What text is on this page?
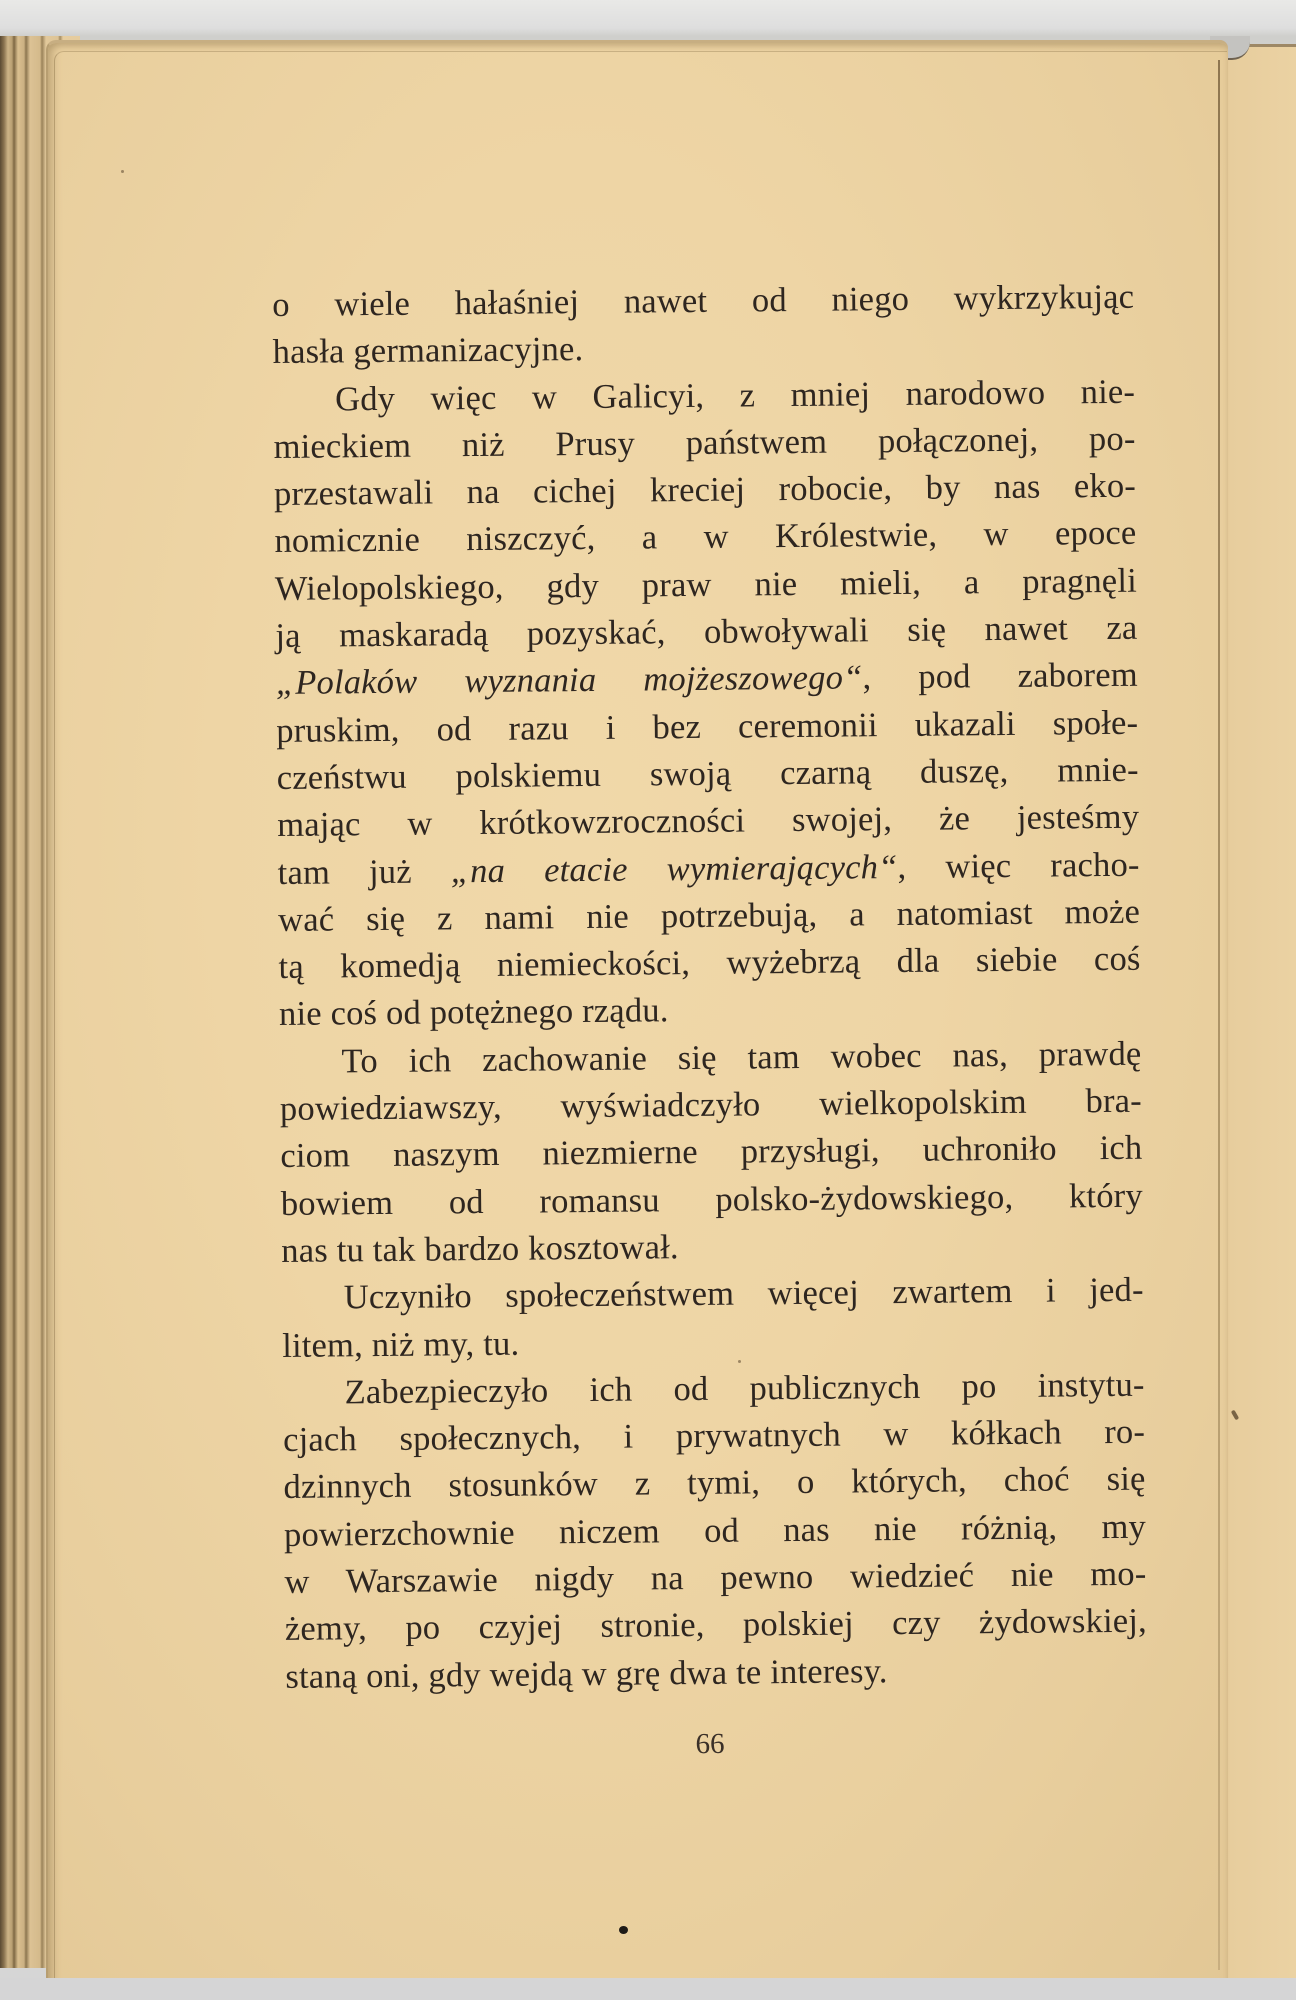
o wiele hałaśniej nawet od niego wykrzykując
hasła germanizacyjne.
Gdy więc w Galicyi, z mniej narodowo nie-
mieckiem niż Prusy państwem połączonej, po-
przestawali na cichej kreciej robocie, by nas eko-
nomicznie niszczyć, a w Królestwie, w epoce
Wielopolskiego, gdy praw nie mieli, a pragnęli
ją maskaradą pozyskać, obwoływali się nawet za
„Polaków wyznania mojżeszowego“, pod zaborem
pruskim, od razu i bez ceremonii ukazali społe-
czeństwu polskiemu swoją czarną duszę, mnie-
mając w krótkowzroczności swojej, że jesteśmy
tam już „na etacie wymierających“, więc racho-
wać się z nami nie potrzebują, a natomiast może
tą komedją niemieckości, wyżebrzą dla siebie coś
nie coś od potężnego rządu.
To ich zachowanie się tam wobec nas, prawdę
powiedziawszy, wyświadczyło wielkopolskim bra-
ciom naszym niezmierne przysługi, uchroniło ich
bowiem od romansu polsko-żydowskiego, który
nas tu tak bardzo kosztował.
Uczyniło społeczeństwem więcej zwartem i jed-
litem, niż my, tu.
Zabezpieczyło ich od publicznych po instytu-
cjach społecznych, i prywatnych w kółkach ro-
dzinnych stosunków z tymi, o których, choć się
powierzchownie niczem od nas nie różnią, my
w Warszawie nigdy na pewno wiedzieć nie mo-
żemy, po czyjej stronie, polskiej czy żydowskiej,
staną oni, gdy wejdą w grę dwa te interesy.
66
